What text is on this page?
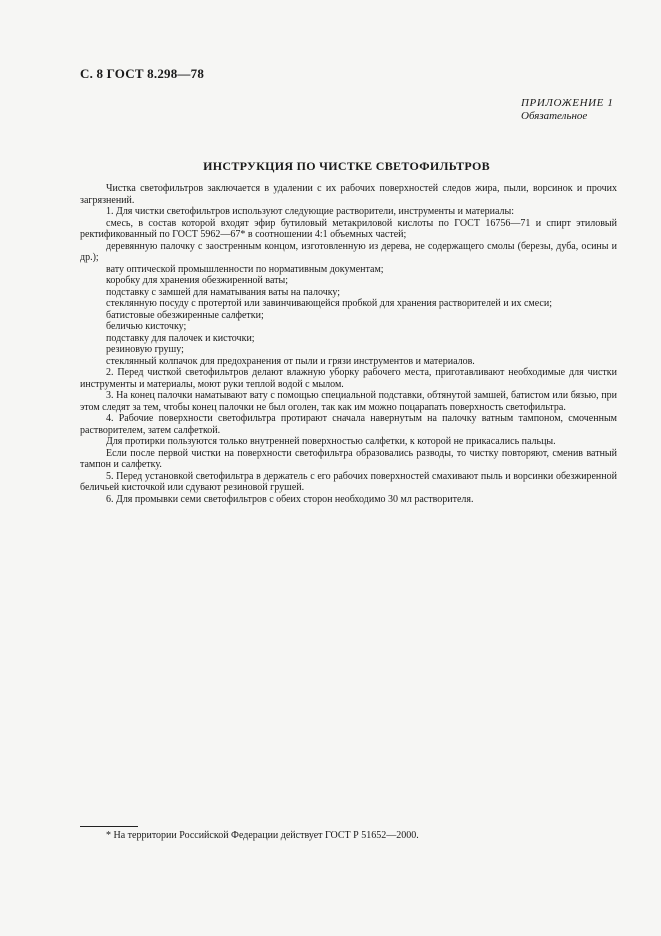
С. 8 ГОСТ 8.298—78
ПРИЛОЖЕНИЕ 1
Обязательное
ИНСТРУКЦИЯ ПО ЧИСТКЕ СВЕТОФИЛЬТРОВ

Чистка светофильтров заключается в удалении с их рабочих поверхностей следов жира, пыли, ворсинок и прочих загрязнений.

1. Для чистки светофильтров используют следующие растворители, инструменты и материалы:

смесь, в состав которой входят эфир бутиловый метакриловой кислоты по ГОСТ 16756—71 и спирт этиловый ректификованный по ГОСТ 5962—67* в соотношении 4:1 объемных частей;

деревянную палочку с заостренным концом, изготовленную из дерева, не содержащего смолы (березы, дуба, осины и др.);

вату оптической промышленности по нормативным документам;

коробку для хранения обезжиренной ваты;

подставку с замшей для наматывания ваты на палочку;

стеклянную посуду с протертой или завинчивающейся пробкой для хранения растворителей и их смеси;

батистовые обезжиренные салфетки;

беличью кисточку;

подставку для палочек и кисточки;

резиновую грушу;

стеклянный колпачок для предохранения от пыли и грязи инструментов и материалов.

2. Перед чисткой светофильтров делают влажную уборку рабочего места, приготавливают необходимые для чистки инструменты и материалы, моют руки теплой водой с мылом.

3. На конец палочки наматывают вату с помощью специальной подставки, обтянутой замшей, батистом или бязью, при этом следят за тем, чтобы конец палочки не был оголен, так как им можно поцарапать поверхность светофильтра.

4. Рабочие поверхности светофильтра протирают сначала навернутым на палочку ватным тампоном, смоченным растворителем, затем салфеткой.

Для протирки пользуются только внутренней поверхностью салфетки, к которой не прикасались пальцы.

Если после первой чистки на поверхности светофильтра образовались разводы, то чистку повторяют, сменив ватный тампон и салфетку.

5. Перед установкой светофильтра в держатель с его рабочих поверхностей смахивают пыль и ворсинки обезжиренной беличьей кисточкой или сдувают резиновой грушей.

6. Для промывки семи светофильтров с обеих сторон необходимо 30 мл растворителя.

* На территории Российской Федерации действует ГОСТ Р 51652—2000.
